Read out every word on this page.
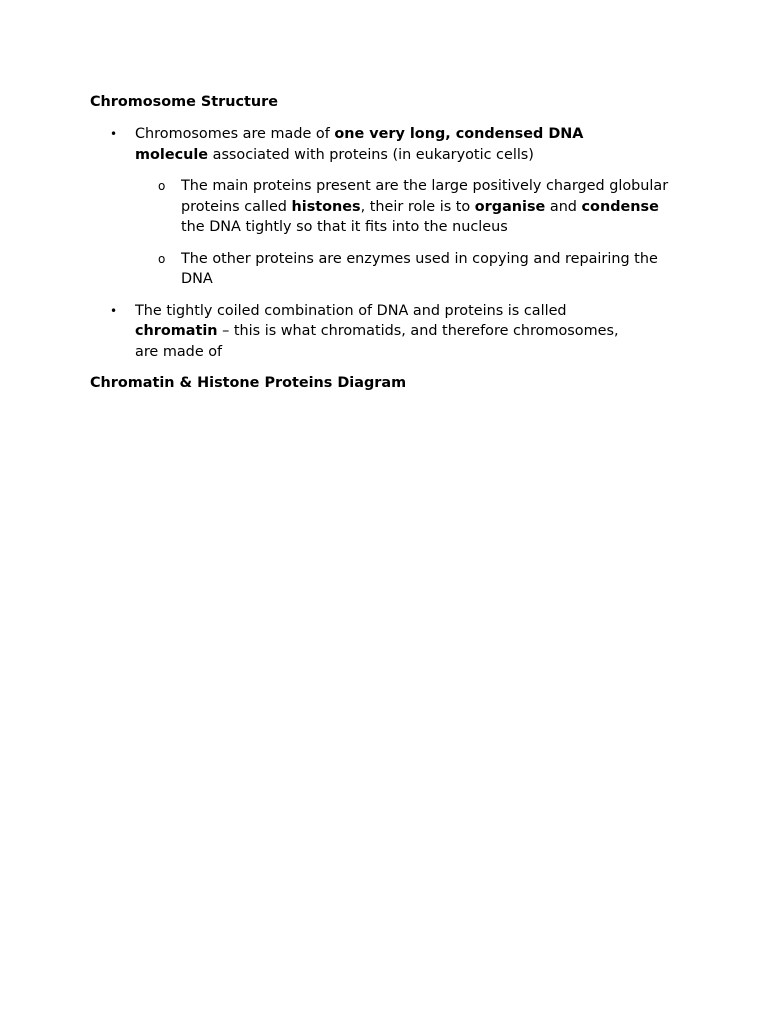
Chromosome Structure
• Chromosomes are made of one very long, condensed DNA molecule associated with proteins (in eukaryotic cells)
o The main proteins present are the large positively charged globular proteins called histones, their role is to organise and condense the DNA tightly so that it fits into the nucleus
o The other proteins are enzymes used in copying and repairing the DNA
• The tightly coiled combination of DNA and proteins is called chromatin – this is what chromatids, and therefore chromosomes, are made of
Chromatin & Histone Proteins Diagram
